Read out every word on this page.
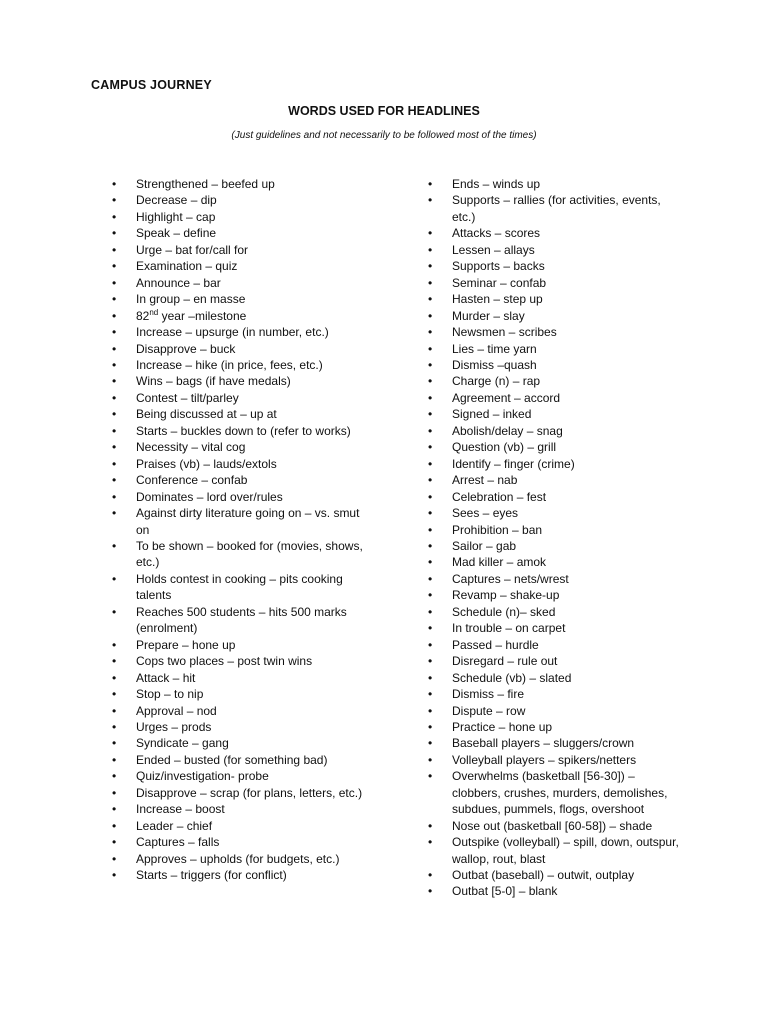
CAMPUS JOURNEY
WORDS USED FOR HEADLINES

(Just guidelines and not necessarily to be followed most of the times)

• Strengthened – beefed up
• Decrease – dip
• Highlight – cap
• Speak – define
• Urge – bat for/call for
• Examination – quiz
• Announce – bar
• In group – en masse
• 82nd year –milestone
• Increase – upsurge (in number, etc.)
• Disapprove – buck
• Increase – hike (in price, fees, etc.)
• Wins – bags (if have medals)
• Contest – tilt/parley
• Being discussed at – up at
• Starts – buckles down to (refer to works)
• Necessity – vital cog
• Praises (vb) – lauds/extols
• Conference – confab
• Dominates – lord over/rules
• Against dirty literature going on – vs. smut on
• To be shown – booked for (movies, shows, etc.)
• Holds contest in cooking – pits cooking talents
• Reaches 500 students – hits 500 marks (enrolment)
• Prepare – hone up
• Cops two places – post twin wins
• Attack – hit
• Stop – to nip
• Approval – nod
• Urges – prods
• Syndicate – gang
• Ended – busted (for something bad)
• Quiz/investigation- probe
• Disapprove – scrap (for plans, letters, etc.)
• Increase – boost
• Leader – chief
• Captures – falls
• Approves – upholds (for budgets, etc.)
• Starts – triggers (for conflict)
• Ends – winds up
• Supports – rallies (for activities, events, etc.)
• Attacks – scores
• Lessen – allays
• Supports – backs
• Seminar – confab
• Hasten – step up
• Murder – slay
• Newsmen – scribes
• Lies – time yarn
• Dismiss –quash
• Charge (n) – rap
• Agreement – accord
• Signed – inked
• Abolish/delay – snag
• Question (vb) – grill
• Identify – finger (crime)
• Arrest – nab
• Celebration – fest
• Sees – eyes
• Prohibition – ban
• Sailor – gab
• Mad killer – amok
• Captures – nets/wrest
• Revamp – shake-up
• Schedule (n)– sked
• In trouble – on carpet
• Passed – hurdle
• Disregard – rule out
• Schedule (vb) – slated
• Dismiss – fire
• Dispute – row
• Practice – hone up
• Baseball players – sluggers/crown
• Volleyball players – spikers/netters
• Overwhelms (basketball [56-30]) – clobbers, crushes, murders, demolishes, subdues, pummels, flogs, overshoot
• Nose out (basketball [60-58]) – shade
• Outspike (volleyball) – spill, down, outspur, wallop, rout, blast
• Outbat (baseball) – outwit, outplay
• Outbat [5-0] – blank
